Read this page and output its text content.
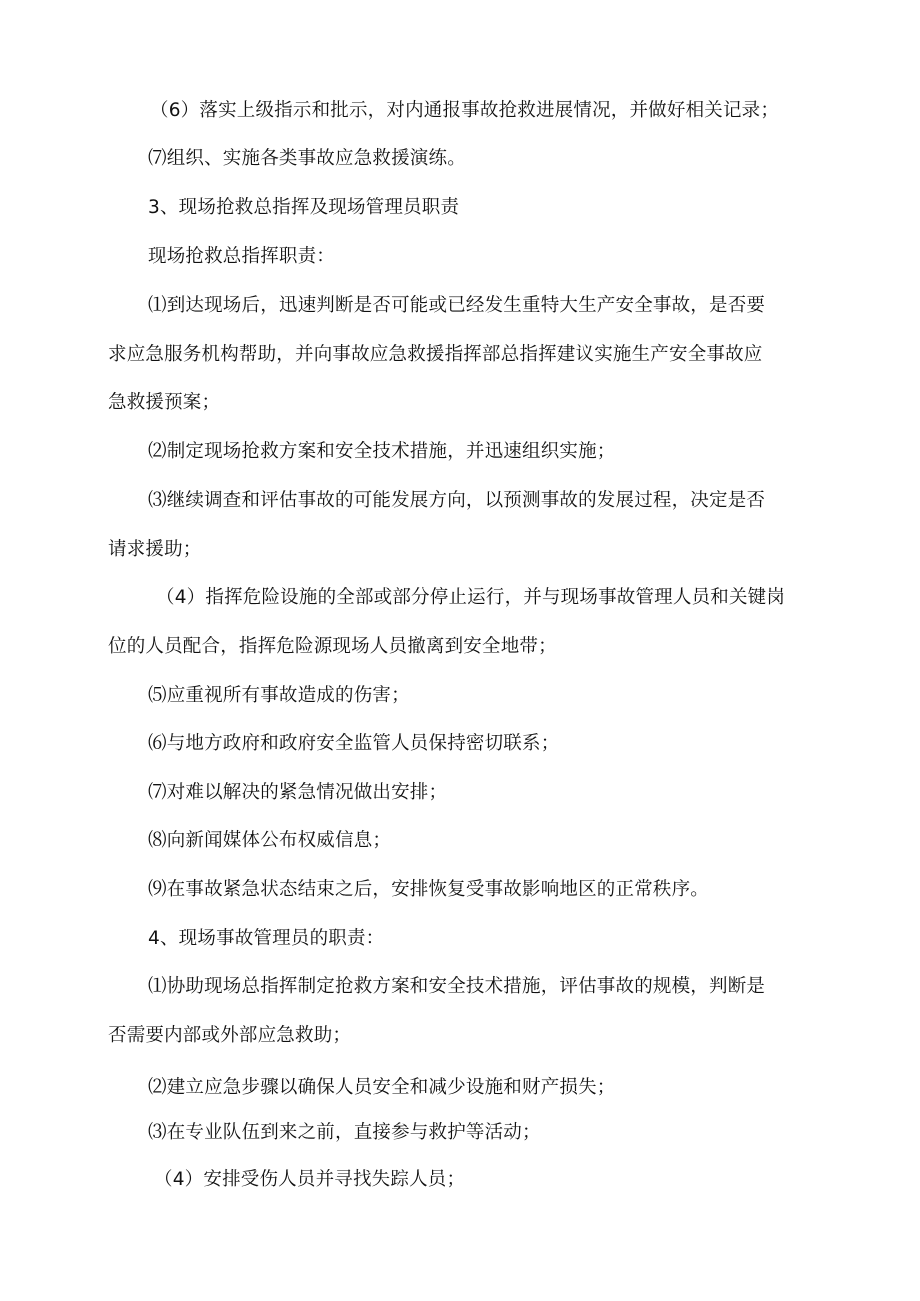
（6）落实上级指示和批示，对内通报事故抢救进展情况，并做好相关记录；
⑺组织、实施各类事故应急救援演练。
3、现场抢救总指挥及现场管理员职责
现场抢救总指挥职责：
⑴到达现场后，迅速判断是否可能或已经发生重特大生产安全事故，是否要
求应急服务机构帮助，并向事故应急救援指挥部总指挥建议实施生产安全事故应
急救援预案；
⑵制定现场抢救方案和安全技术措施，并迅速组织实施；
⑶继续调查和评估事故的可能发展方向，以预测事故的发展过程，决定是否
请求援助；
（4）指挥危险设施的全部或部分停止运行，并与现场事故管理人员和关键岗
位的人员配合，指挥危险源现场人员撤离到安全地带；
⑸应重视所有事故造成的伤害；
⑹与地方政府和政府安全监管人员保持密切联系；
⑺对难以解决的紧急情况做出安排；
⑻向新闻媒体公布权威信息；
⑼在事故紧急状态结束之后，安排恢复受事故影响地区的正常秩序。
4、现场事故管理员的职责：
⑴协助现场总指挥制定抢救方案和安全技术措施，评估事故的规模，判断是
否需要内部或外部应急救助；
⑵建立应急步骤以确保人员安全和减少设施和财产损失；
⑶在专业队伍到来之前，直接参与救护等活动；
（4）安排受伤人员并寻找失踪人员；
